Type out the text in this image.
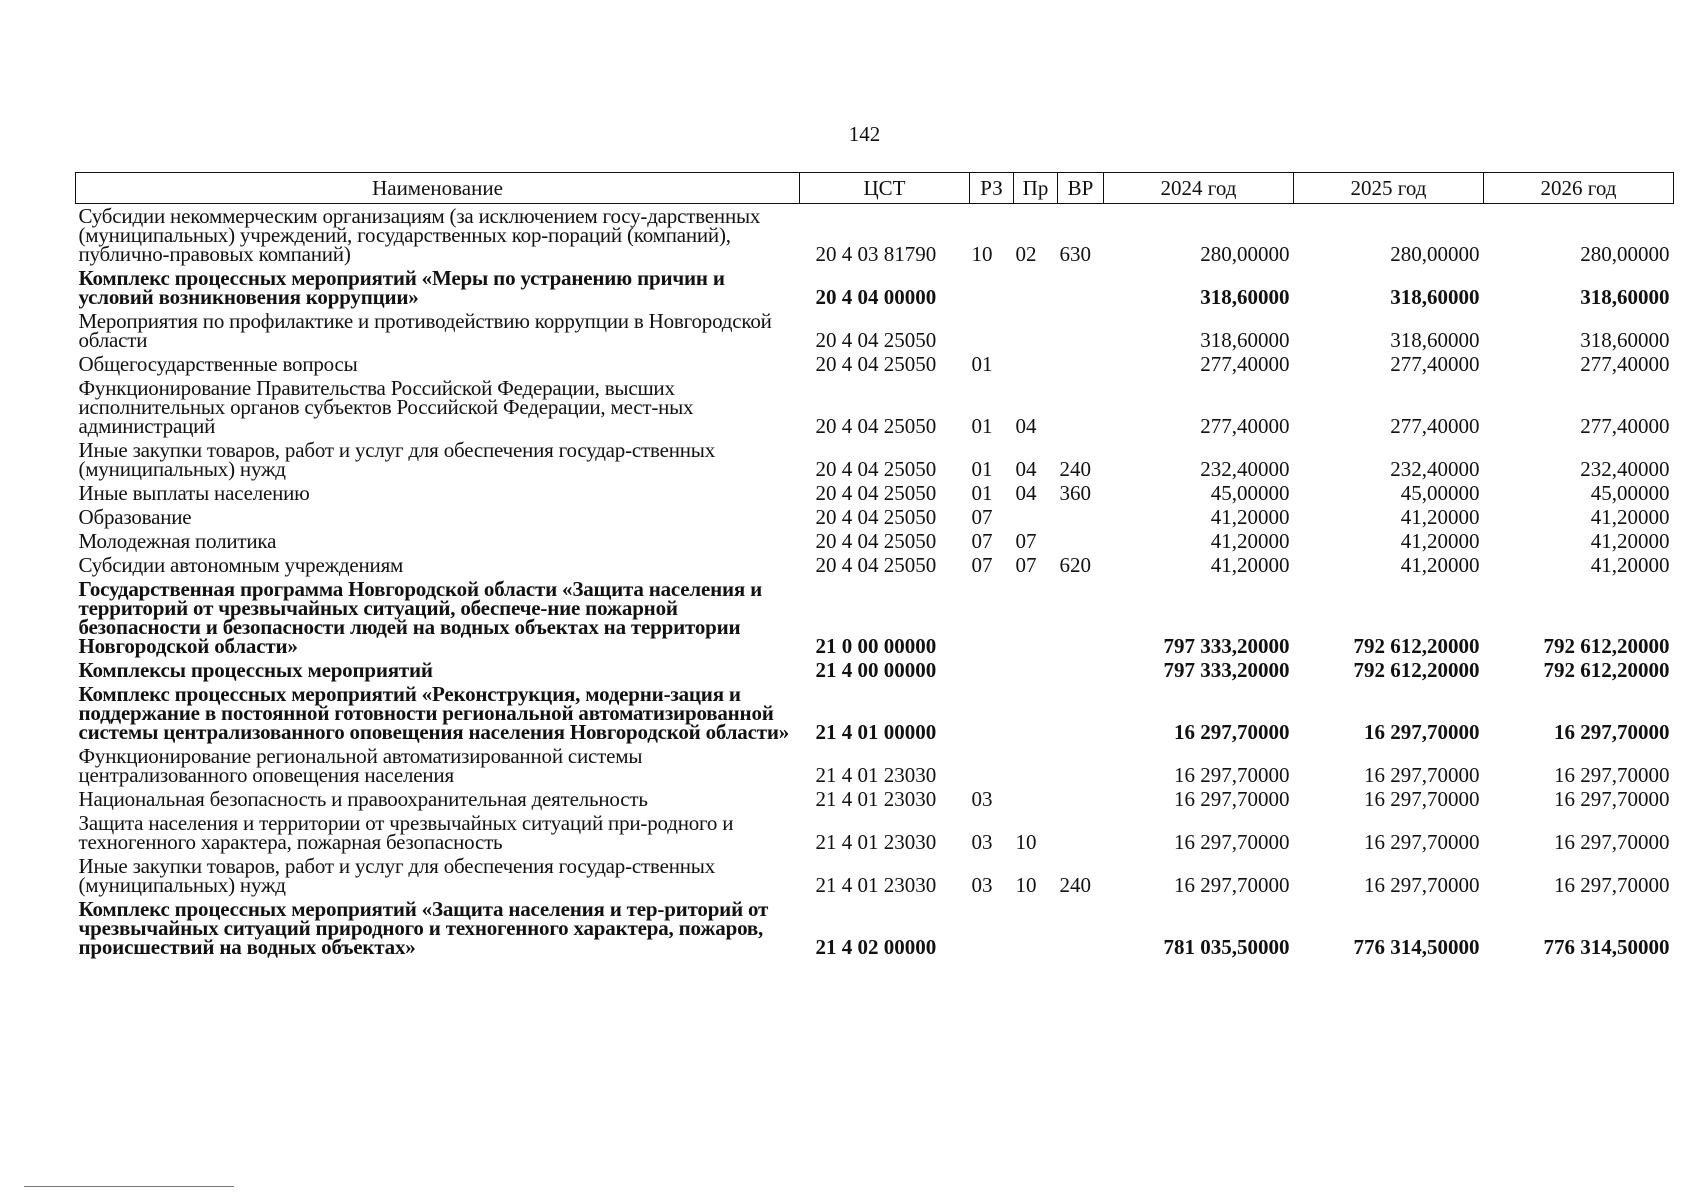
142
Наименование	ЦСТ	РЗ	Пр	ВР	2024 год	2025 год	2026 год
Субсидии некоммерческим организациям (за исключением госу-дарственных (муниципальных) учреждений, государственных кор-пораций (компаний), публично-правовых компаний)	20 4 03 81790	10	02	630	280,00000	280,00000	280,00000
Комплекс процессных мероприятий «Меры по устранению причин и условий возникновения коррупции»	20 4 04 00000				318,60000	318,60000	318,60000
Мероприятия по профилактике и противодействию коррупции в Новгородской области	20 4 04 25050				318,60000	318,60000	318,60000
Общегосударственные вопросы	20 4 04 25050	01			277,40000	277,40000	277,40000
Функционирование Правительства Российской Федерации, высших исполнительных органов субъектов Российской Федерации, мест-ных администраций	20 4 04 25050	01	04		277,40000	277,40000	277,40000
Иные закупки товаров, работ и услуг для обеспечения государ-ственных (муниципальных) нужд	20 4 04 25050	01	04	240	232,40000	232,40000	232,40000
Иные выплаты населению	20 4 04 25050	01	04	360	45,00000	45,00000	45,00000
Образование	20 4 04 25050	07			41,20000	41,20000	41,20000
Молодежная политика	20 4 04 25050	07	07		41,20000	41,20000	41,20000
Субсидии автономным учреждениям	20 4 04 25050	07	07	620	41,20000	41,20000	41,20000
Государственная программа Новгородской области «Защита населения и территорий от чрезвычайных ситуаций, обеспече-ние пожарной безопасности и безопасности людей на водных объектах на территории Новгородской области»	21 0 00 00000				797 333,20000	792 612,20000	792 612,20000
Комплексы процессных мероприятий	21 4 00 00000				797 333,20000	792 612,20000	792 612,20000
Комплекс процессных мероприятий «Реконструкция, модерни-зация и поддержание в постоянной готовности региональной автоматизированной системы централизованного оповещения населения Новгородской области»	21 4 01 00000				16 297,70000	16 297,70000	16 297,70000
Функционирование региональной автоматизированной системы централизованного оповещения населения	21 4 01 23030				16 297,70000	16 297,70000	16 297,70000
Национальная безопасность и правоохранительная деятельность	21 4 01 23030	03			16 297,70000	16 297,70000	16 297,70000
Защита населения и территории от чрезвычайных ситуаций при-родного и техногенного характера, пожарная безопасность	21 4 01 23030	03	10		16 297,70000	16 297,70000	16 297,70000
Иные закупки товаров, работ и услуг для обеспечения государ-ственных (муниципальных) нужд	21 4 01 23030	03	10	240	16 297,70000	16 297,70000	16 297,70000
Комплекс процессных мероприятий «Защита населения и тер-риторий от чрезвычайных ситуаций природного и техногенного характера, пожаров, происшествий на водных объектах»	21 4 02 00000				781 035,50000	776 314,50000	776 314,50000
